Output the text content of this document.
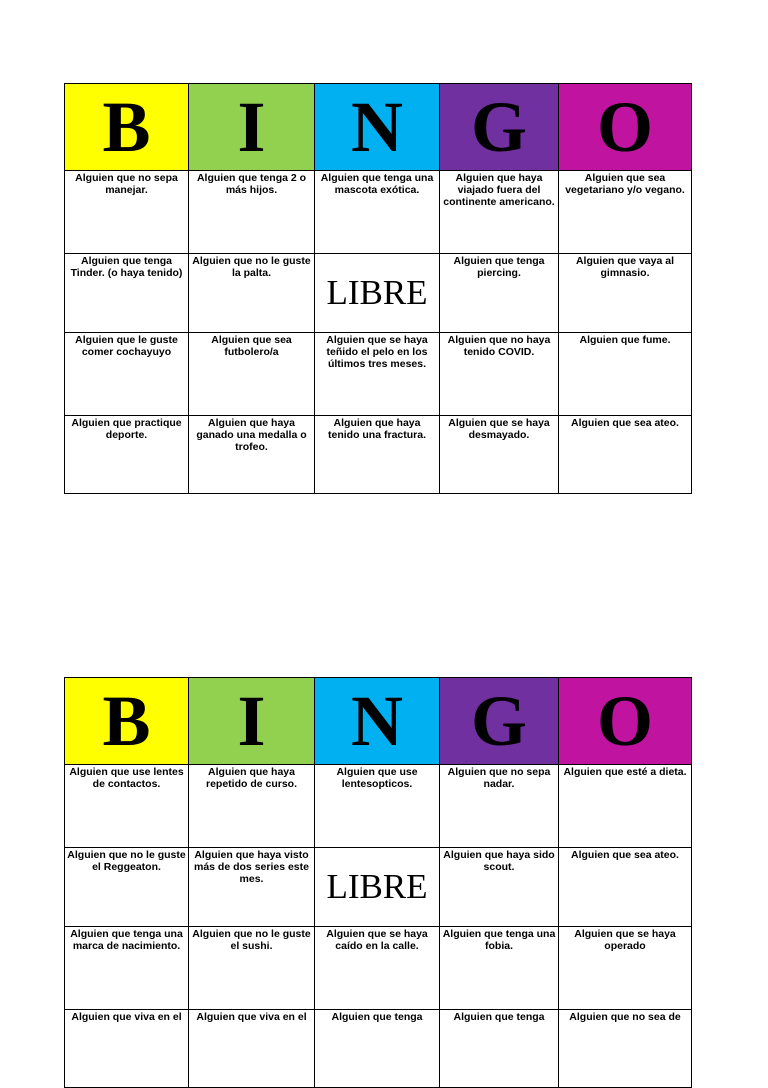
B	I	N	G	O
Alguien que no sepa manejar.	Alguien que tenga 2 o más hijos.	Alguien que tenga una mascota exótica.	Alguien que haya viajado fuera del continente americano.	Alguien que sea vegetariano y/o vegano.
Alguien que tenga Tinder. (o haya tenido)	Alguien que no le guste la palta.	LIBRE	Alguien que tenga piercing.	Alguien que vaya al gimnasio.
Alguien que le guste comer cochayuyo	Alguien que sea futbolero/a	Alguien que se haya teñido el pelo en los últimos tres meses.	Alguien que no haya tenido COVID.	Alguien que fume.
Alguien que practique deporte.	Alguien que haya ganado una medalla o trofeo.	Alguien que haya tenido una fractura.	Alguien que se haya desmayado.	Alguien que sea ateo.
B	I	N	G	O
Alguien que use lentes de contactos.	Alguien que haya repetido de curso.	Alguien que use lentesopticos.	Alguien que no sepa nadar.	Alguien que esté a dieta.
Alguien que no le guste el Reggeaton.	Alguien que haya visto más de dos series este mes.	LIBRE	Alguien que haya sido scout.	Alguien que sea ateo.
Alguien que tenga una marca de nacimiento.	Alguien que no le guste el sushi.	Alguien que se haya caído en la calle.	Alguien que tenga una fobia.	Alguien que se haya operado
Alguien que viva en el	Alguien que viva en el	Alguien que tenga	Alguien que tenga	Alguien que no sea de
